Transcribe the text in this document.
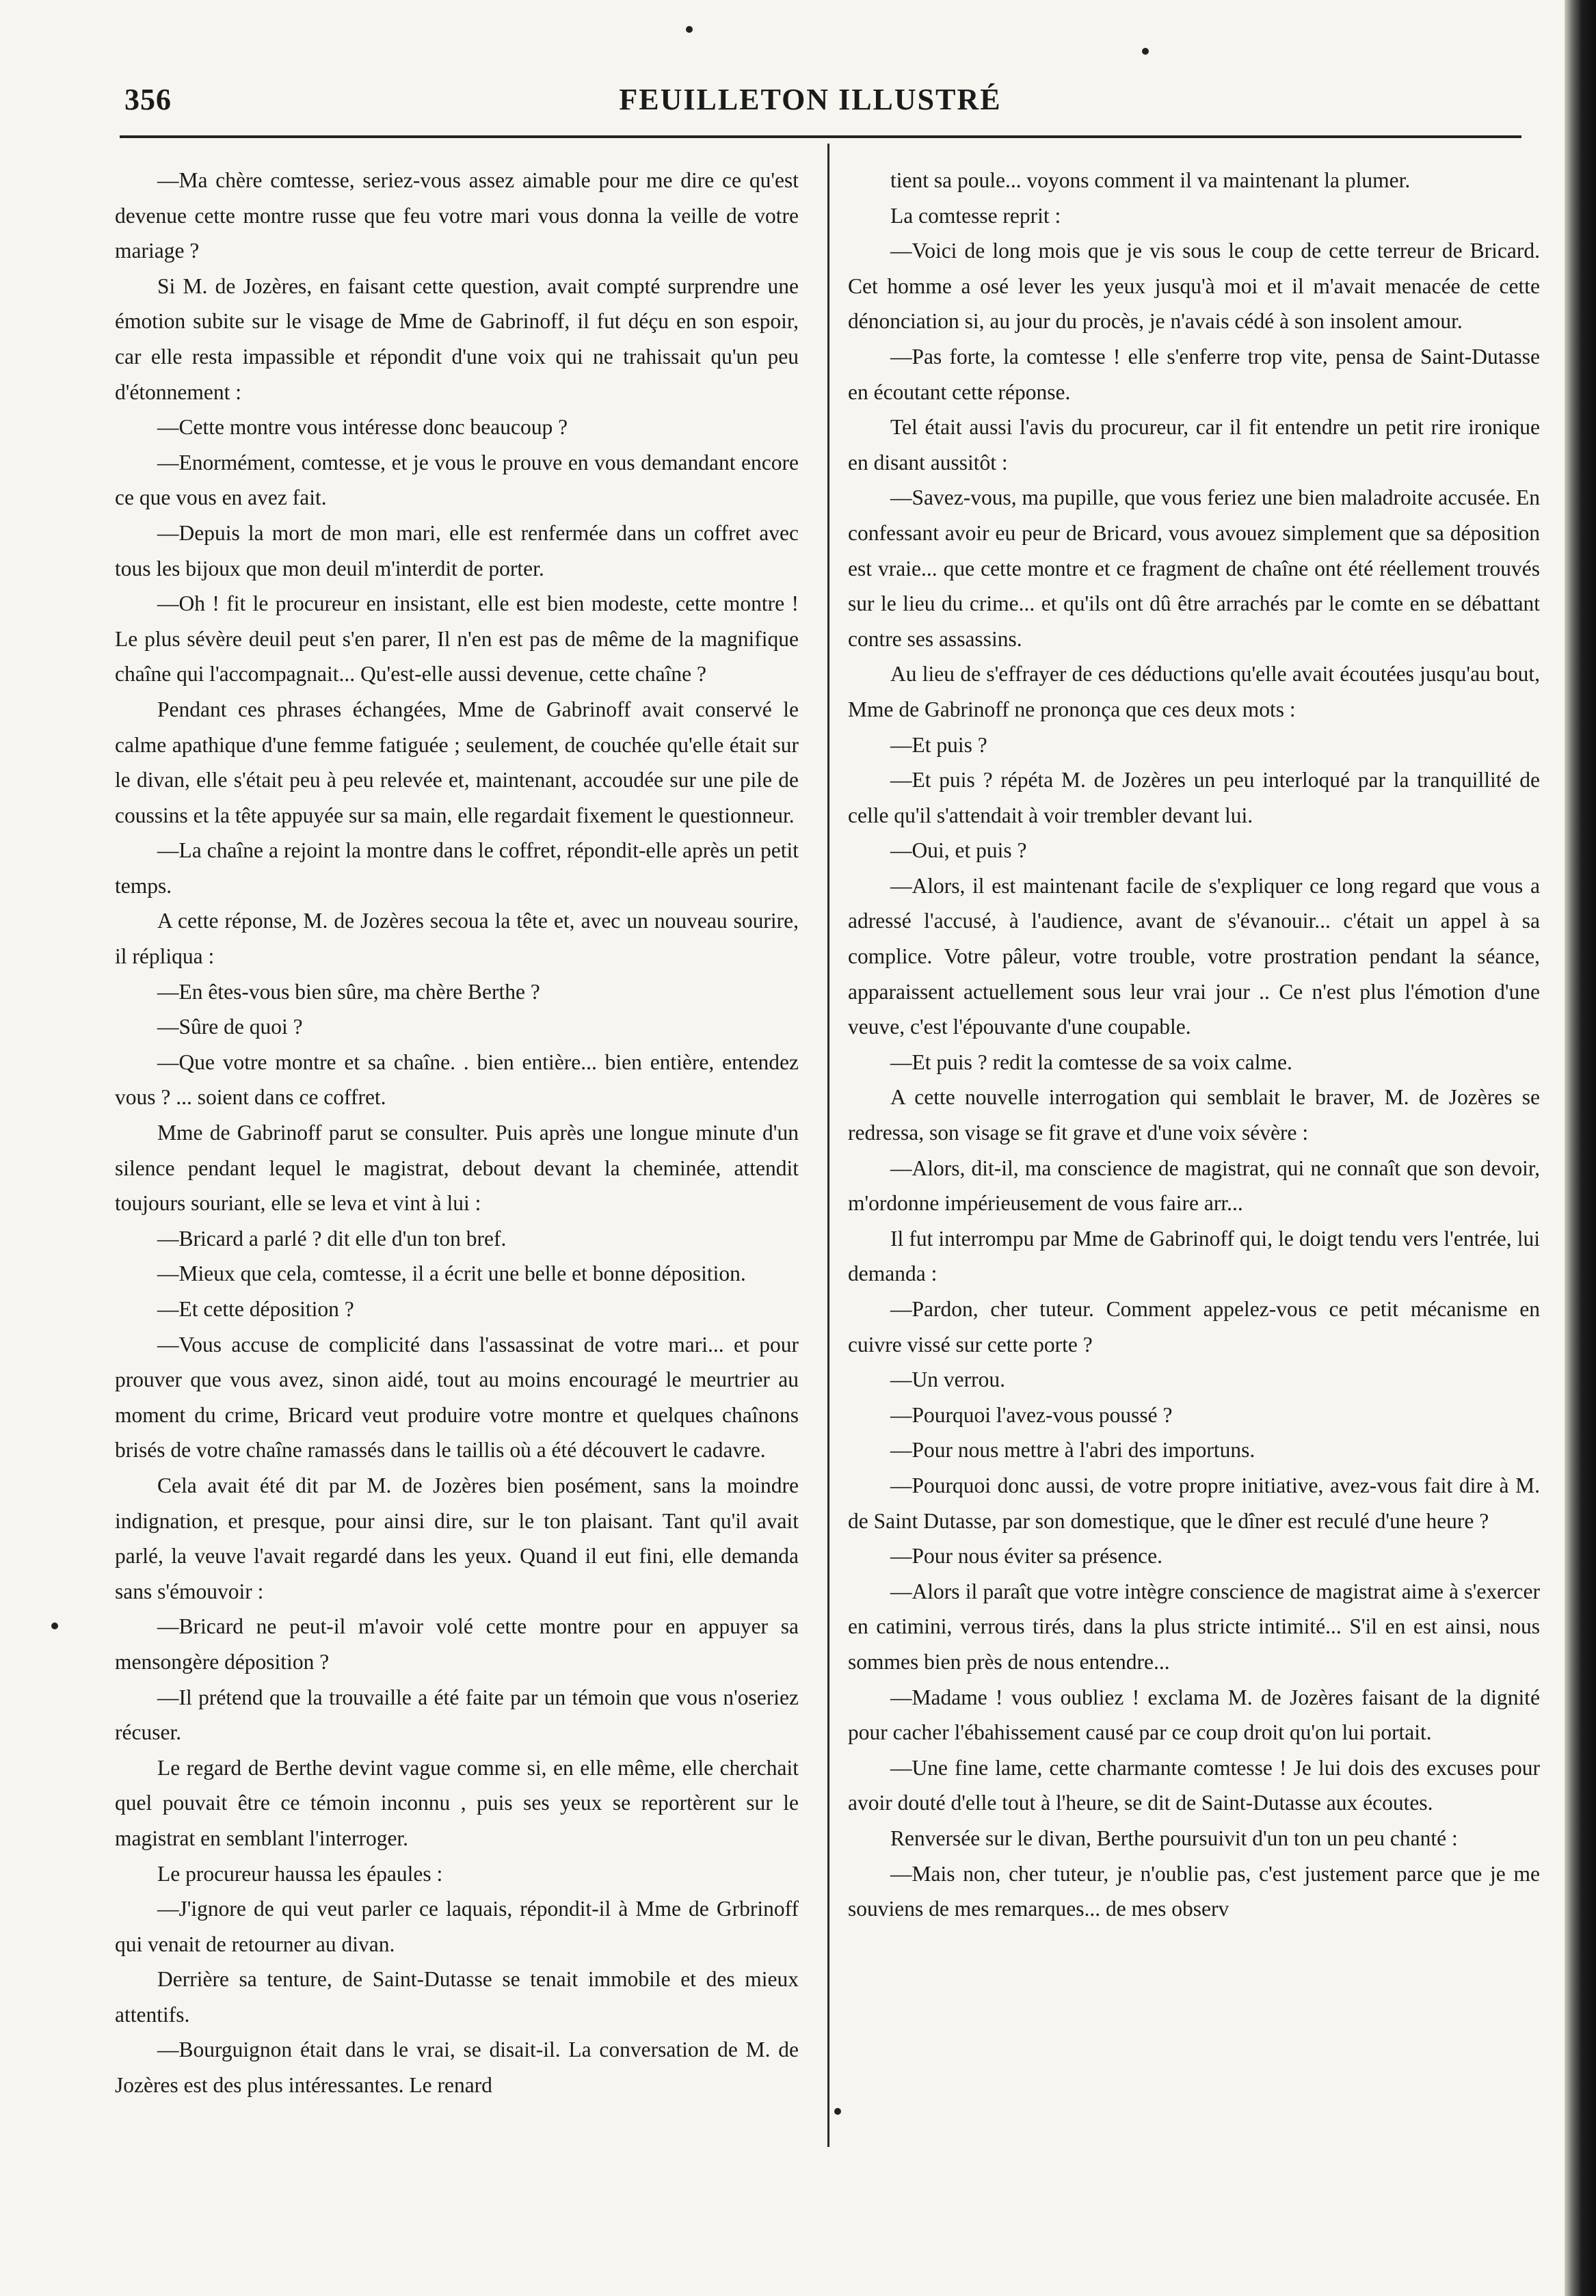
356	FEUILLETON ILLUSTRÉ

—Ma chère comtesse, seriez-vous assez aimable pour me dire ce qu'est devenue cette montre russe que feu votre mari vous donna la veille de votre mariage ?

Si M. de Jozères, en faisant cette question, avait compté surprendre une émotion subite sur le visage de Mme de Gabrinoff, il fut déçu en son espoir, car elle resta impassible et répondit d'une voix qui ne trahissait qu'un peu d'étonnement :

—Cette montre vous intéresse donc beaucoup ?

—Enormément, comtesse, et je vous le prouve en vous demandant encore ce que vous en avez fait.

—Depuis la mort de mon mari, elle est renfermée dans un coffret avec tous les bijoux que mon deuil m'interdit de porter.

—Oh ! fit le procureur en insistant, elle est bien modeste, cette montre ! Le plus sévère deuil peut s'en parer, Il n'en est pas de même de la magnifique chaîne qui l'accompagnait... Qu'est-elle aussi devenue, cette chaîne ?

Pendant ces phrases échangées, Mme de Gabrinoff avait conservé le calme apathique d'une femme fatiguée ; seulement, de couchée qu'elle était sur le divan, elle s'était peu à peu relevée et, maintenant, accoudée sur une pile de coussins et la tête appuyée sur sa main, elle regardait fixement le questionneur.

—La chaîne a rejoint la montre dans le coffret, répondit-elle après un petit temps.

A cette réponse, M. de Jozères secoua la tête et, avec un nouveau sourire, il répliqua :

—En êtes-vous bien sûre, ma chère Berthe ?

—Sûre de quoi ?

—Que votre montre et sa chaîne. . bien entière... bien entière, entendez vous ? ... soient dans ce coffret.

Mme de Gabrinoff parut se consulter. Puis après une longue minute d'un silence pendant lequel le magistrat, debout devant la cheminée, attendit toujours souriant, elle se leva et vint à lui :

—Bricard a parlé ? dit elle d'un ton bref.

—Mieux que cela, comtesse, il a écrit une belle et bonne déposition.

—Et cette déposition ?

—Vous accuse de complicité dans l'assassinat de votre mari... et pour prouver que vous avez, sinon aidé, tout au moins encouragé le meurtrier au moment du crime, Bricard veut produire votre montre et quelques chaînons brisés de votre chaîne ramassés dans le taillis où a été découvert le cadavre.

Cela avait été dit par M. de Jozères bien posément, sans la moindre indignation, et presque, pour ainsi dire, sur le ton plaisant. Tant qu'il avait parlé, la veuve l'avait regardé dans les yeux. Quand il eut fini, elle demanda sans s'émouvoir :

—Bricard ne peut-il m'avoir volé cette montre pour en appuyer sa mensongère déposition ?

—Il prétend que la trouvaille a été faite par un témoin que vous n'oseriez récuser.

Le regard de Berthe devint vague comme si, en elle même, elle cherchait quel pouvait être ce témoin inconnu , puis ses yeux se reportèrent sur le magistrat en semblant l'interroger.

Le procureur haussa les épaules :

—J'ignore de qui veut parler ce laquais, répondit-il à Mme de Grbrinoff qui venait de retourner au divan.

Derrière sa tenture, de Saint-Dutasse se tenait immobile et des mieux attentifs.

—Bourguignon était dans le vrai, se disait-il. La conversation de M. de Jozères est des plus intéressantes. Le renard

tient sa poule... voyons comment il va maintenant la plumer.

La comtesse reprit :

—Voici de long mois que je vis sous le coup de cette terreur de Bricard. Cet homme a osé lever les yeux jusqu'à moi et il m'avait menacée de cette dénonciation si, au jour du procès, je n'avais cédé à son insolent amour.

—Pas forte, la comtesse ! elle s'enferre trop vite, pensa de Saint-Dutasse en écoutant cette réponse.

Tel était aussi l'avis du procureur, car il fit entendre un petit rire ironique en disant aussitôt :

—Savez-vous, ma pupille, que vous feriez une bien maladroite accusée. En confessant avoir eu peur de Bricard, vous avouez simplement que sa déposition est vraie... que cette montre et ce fragment de chaîne ont été réellement trouvés sur le lieu du crime... et qu'ils ont dû être arrachés par le comte en se débattant contre ses assassins.

Au lieu de s'effrayer de ces déductions qu'elle avait écoutées jusqu'au bout, Mme de Gabrinoff ne prononça que ces deux mots :

—Et puis ?

—Et puis ? répéta M. de Jozères un peu interloqué par la tranquillité de celle qu'il s'attendait à voir trembler devant lui.

—Oui, et puis ?

—Alors, il est maintenant facile de s'expliquer ce long regard que vous a adressé l'accusé, à l'audience, avant de s'évanouir... c'était un appel à sa complice. Votre pâleur, votre trouble, votre prostration pendant la séance, apparaissent actuellement sous leur vrai jour .. Ce n'est plus l'émotion d'une veuve, c'est l'épouvante d'une coupable.

—Et puis ? redit la comtesse de sa voix calme.

A cette nouvelle interrogation qui semblait le braver, M. de Jozères se redressa, son visage se fit grave et d'une voix sévère :

—Alors, dit-il, ma conscience de magistrat, qui ne connaît que son devoir, m'ordonne impérieusement de vous faire arr...

Il fut interrompu par Mme de Gabrinoff qui, le doigt tendu vers l'entrée, lui demanda :

—Pardon, cher tuteur. Comment appelez-vous ce petit mécanisme en cuivre vissé sur cette porte ?

—Un verrou.

—Pourquoi l'avez-vous poussé ?

—Pour nous mettre à l'abri des importuns.

—Pourquoi donc aussi, de votre propre initiative, avez-vous fait dire à M. de Saint Dutasse, par son domestique, que le dîner est reculé d'une heure ?

—Pour nous éviter sa présence.

—Alors il paraît que votre intègre conscience de magistrat aime à s'exercer en catimini, verrous tirés, dans la plus stricte intimité... S'il en est ainsi, nous sommes bien près de nous entendre...

—Madame ! vous oubliez ! exclama M. de Jozères faisant de la dignité pour cacher l'ébahissement causé par ce coup droit qu'on lui portait.

—Une fine lame, cette charmante comtesse ! Je lui dois des excuses pour avoir douté d'elle tout à l'heure, se dit de Saint-Dutasse aux écoutes.

Renversée sur le divan, Berthe poursuivit d'un ton un peu chanté :

—Mais non, cher tuteur, je n'oublie pas, c'est justement parce que je me souviens de mes remarques... de mes observ
